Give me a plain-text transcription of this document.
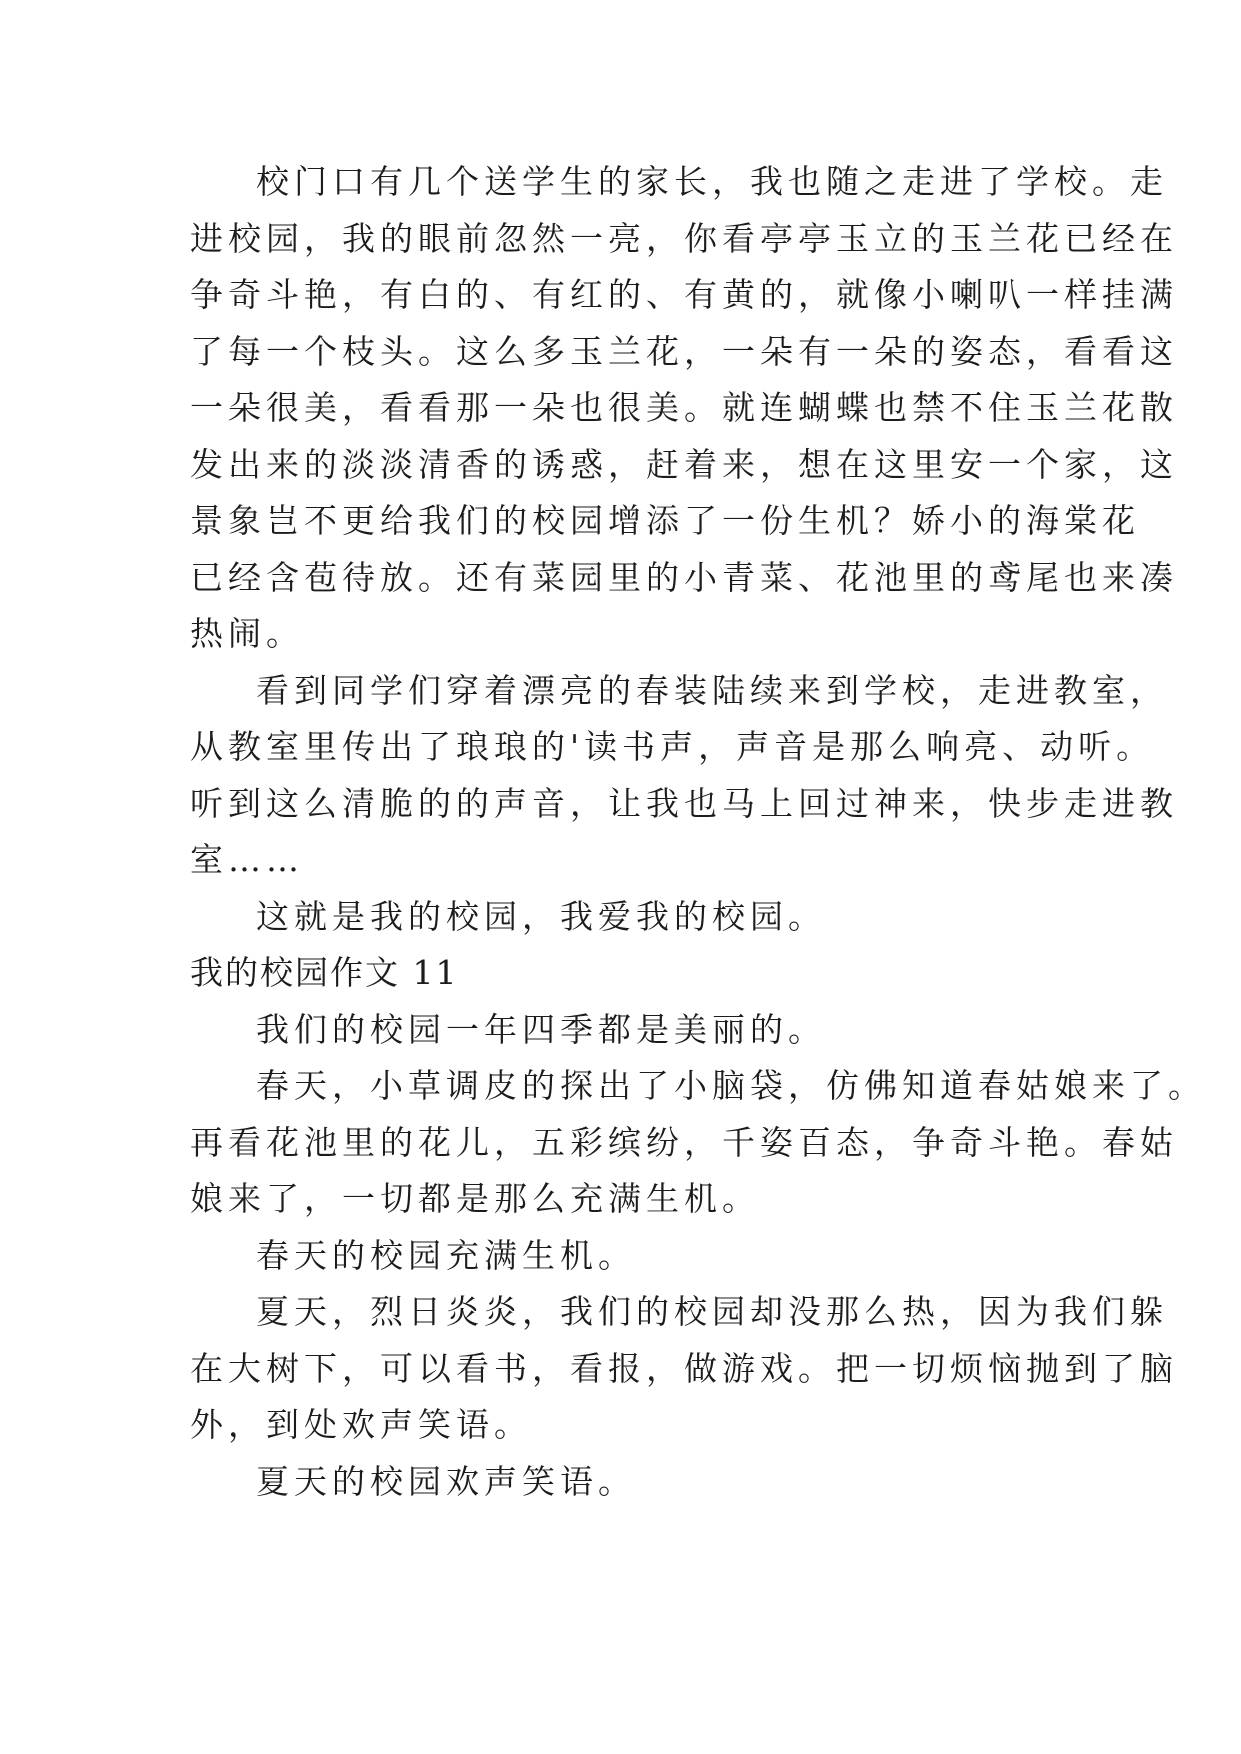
校门口有几个送学生的家长，我也随之走进了学校。走
进校园，我的眼前忽然一亮，你看亭亭玉立的玉兰花已经在
争奇斗艳，有白的、有红的、有黄的，就像小喇叭一样挂满
了每一个枝头。这么多玉兰花，一朵有一朵的姿态，看看这
一朵很美，看看那一朵也很美。就连蝴蝶也禁不住玉兰花散
发出来的淡淡清香的诱惑，赶着来，想在这里安一个家，这
景象岂不更给我们的校园增添了一份生机？娇小的海棠花
已经含苞待放。还有菜园里的小青菜、花池里的鸢尾也来凑
热闹。

看到同学们穿着漂亮的春装陆续来到学校，走进教室，
从教室里传出了琅琅的'读书声，声音是那么响亮、动听。
听到这么清脆的的声音，让我也马上回过神来，快步走进教
室……

这就是我的校园，我爱我的校园。

我的校园作文 11

我们的校园一年四季都是美丽的。

春天，小草调皮的探出了小脑袋，仿佛知道春姑娘来了。
再看花池里的花儿，五彩缤纷，千姿百态，争奇斗艳。春姑
娘来了，一切都是那么充满生机。

春天的校园充满生机。

夏天，烈日炎炎，我们的校园却没那么热，因为我们躲
在大树下，可以看书，看报，做游戏。把一切烦恼抛到了脑
外，到处欢声笑语。

夏天的校园欢声笑语。
